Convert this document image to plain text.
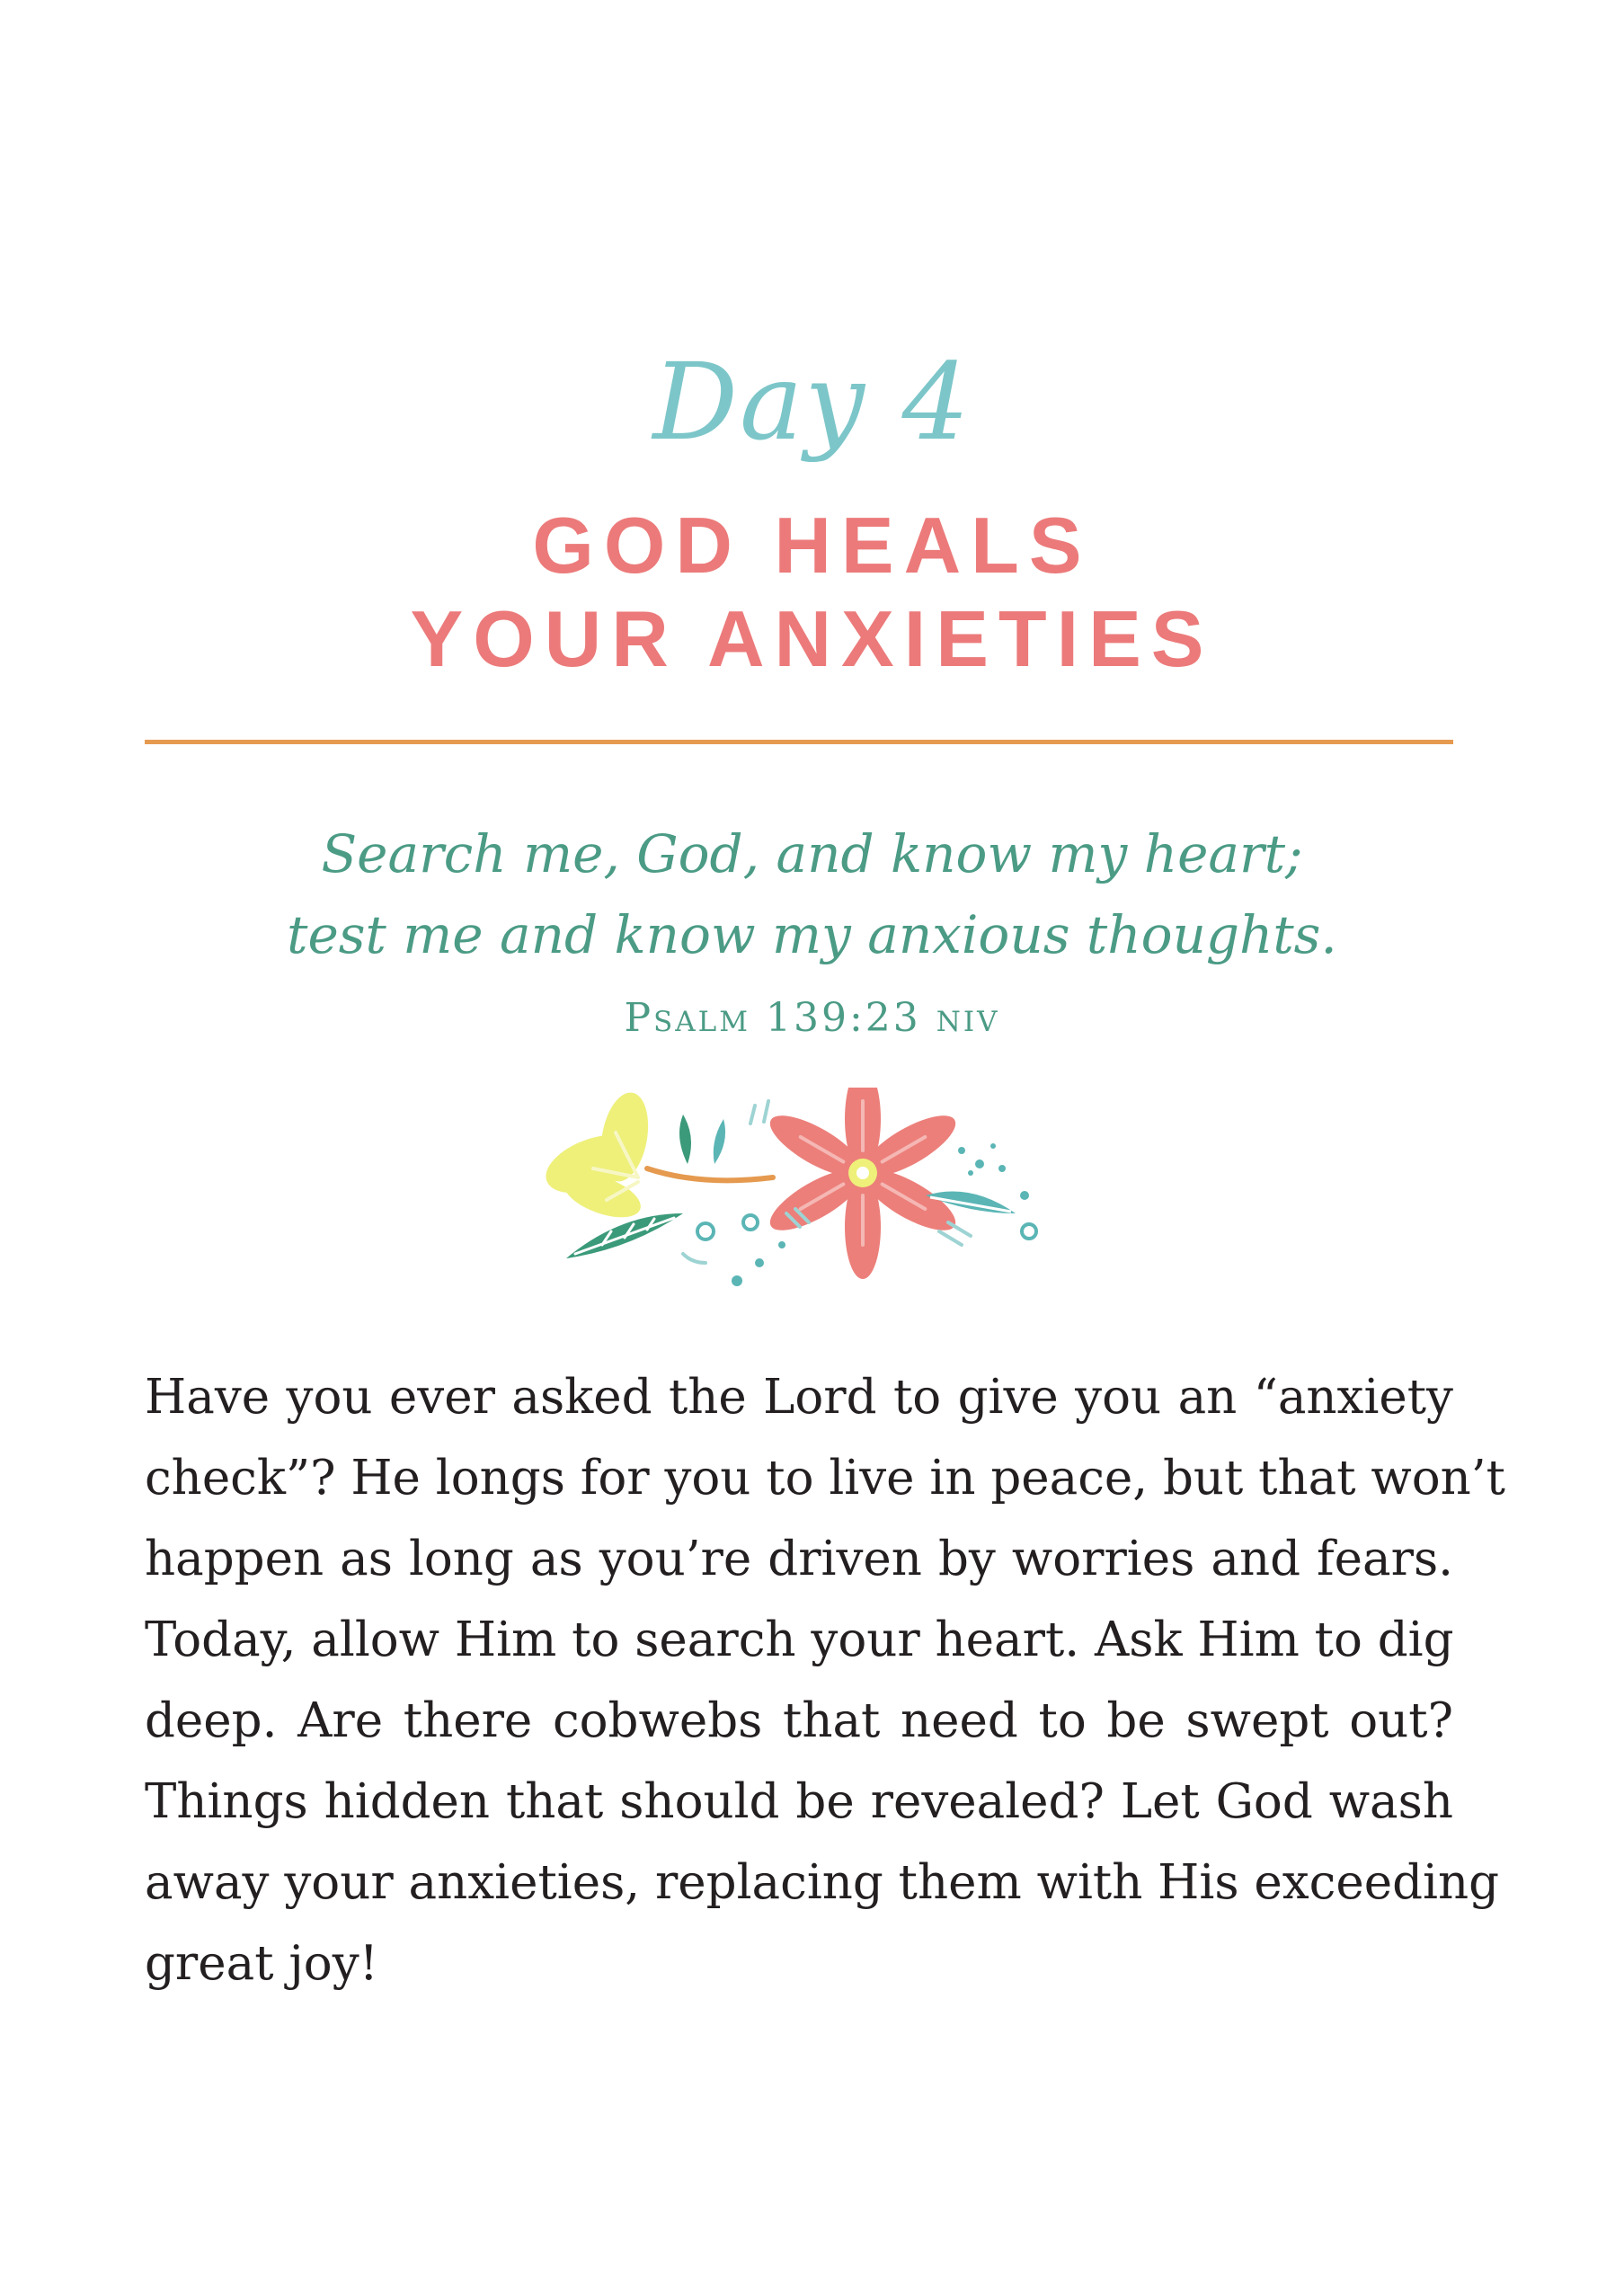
Day 4
GOD HEALS
YOUR ANXIETIES
Search me, God, and know my heart;
test me and know my anxious thoughts.
Psalm 139:23 niv
Have you ever asked the Lord to give you an “anxiety
check”? He longs for you to live in peace, but that won’t
happen as long as you’re driven by worries and fears.
Today, allow Him to search your heart. Ask Him to dig
deep. Are there cobwebs that need to be swept out?
Things hidden that should be revealed? Let God wash
away your anxieties, replacing them with His exceeding
great joy!
